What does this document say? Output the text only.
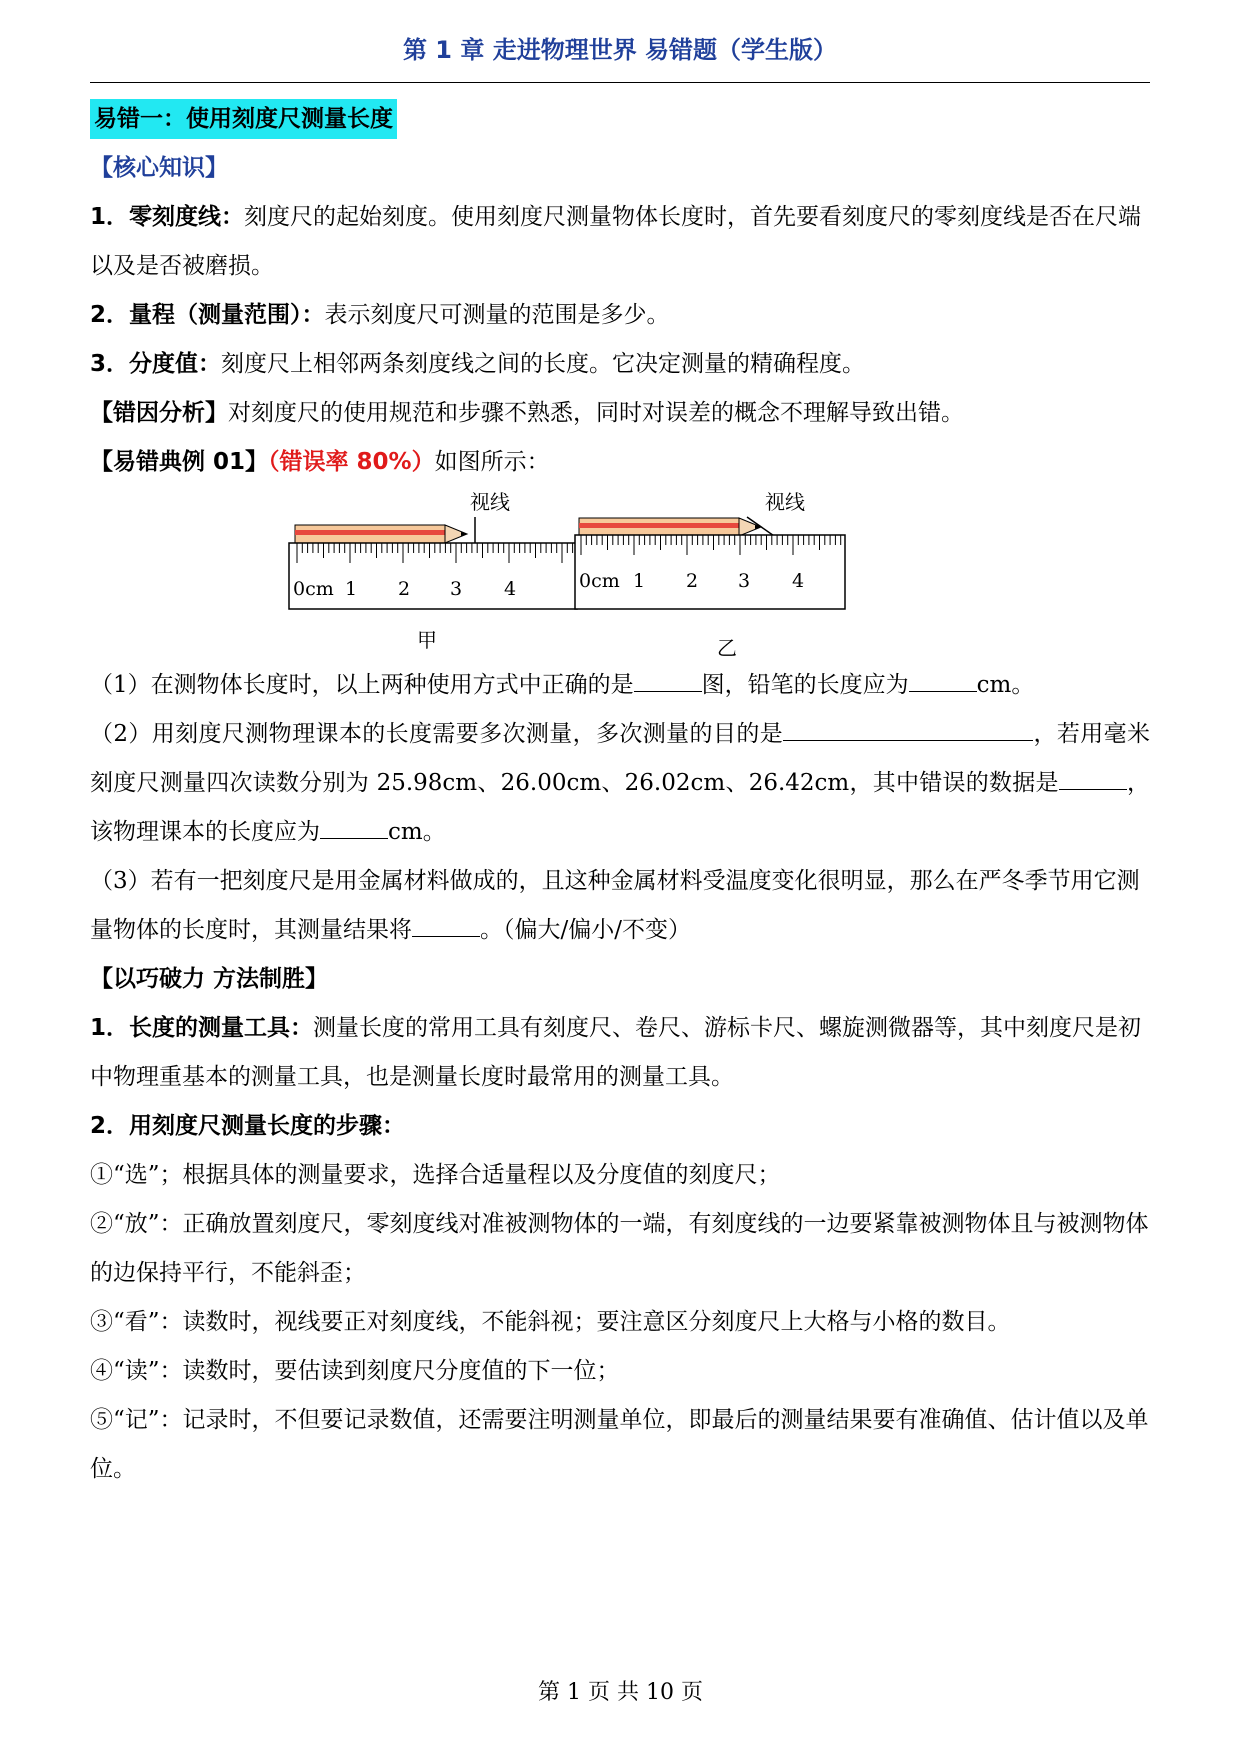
第 1 章 走进物理世界 易错题（学生版）
易错一：使用刻度尺测量长度

【核心知识】

1．零刻度线：刻度尺的起始刻度。使用刻度尺测量物体长度时，首先要看刻度尺的零刻度线是否在尺端以及是否被磨损。

2．量程（测量范围）：表示刻度尺可测量的范围是多少。

3．分度值：刻度尺上相邻两条刻度线之间的长度。它决定测量的精确程度。

【错因分析】对刻度尺的使用规范和步骤不熟悉，同时对误差的概念不理解导致出错。

【易错典例 01】（错误率 80%）如图所示：

视线
0cm 1 2 3 4
甲
视线
0cm 1 2 3 4
乙

（1）在测物体长度时，以上两种使用方式中正确的是	图，铅笔的长度应为	cm。

（2）用刻度尺测物理课本的长度需要多次测量，多次测量的目的是	，若用毫米刻度尺测量四次读数分别为 25.98cm、26.00cm、26.02cm、26.42cm，其中错误的数据是	，该物理课本的长度应为	cm。

（3）若有一把刻度尺是用金属材料做成的，且这种金属材料受温度变化很明显，那么在严冬季节用它测量物体的长度时，其测量结果将	。（偏大/偏小/不变）

【以巧破力 方法制胜】

1．长度的测量工具：测量长度的常用工具有刻度尺、卷尺、游标卡尺、螺旋测微器等，其中刻度尺是初中物理重基本的测量工具，也是测量长度时最常用的测量工具。

2．用刻度尺测量长度的步骤：

①“选”；根据具体的测量要求，选择合适量程以及分度值的刻度尺；

②“放”：正确放置刻度尺，零刻度线对准被测物体的一端，有刻度线的一边要紧靠被测物体且与被测物体的边保持平行，不能斜歪；

③“看”：读数时，视线要正对刻度线，不能斜视；要注意区分刻度尺上大格与小格的数目。

④“读”：读数时，要估读到刻度尺分度值的下一位；

⑤“记”：记录时，不但要记录数值，还需要注明测量单位，即最后的测量结果要有准确值、估计值以及单位。

第 1 页 共 10 页
